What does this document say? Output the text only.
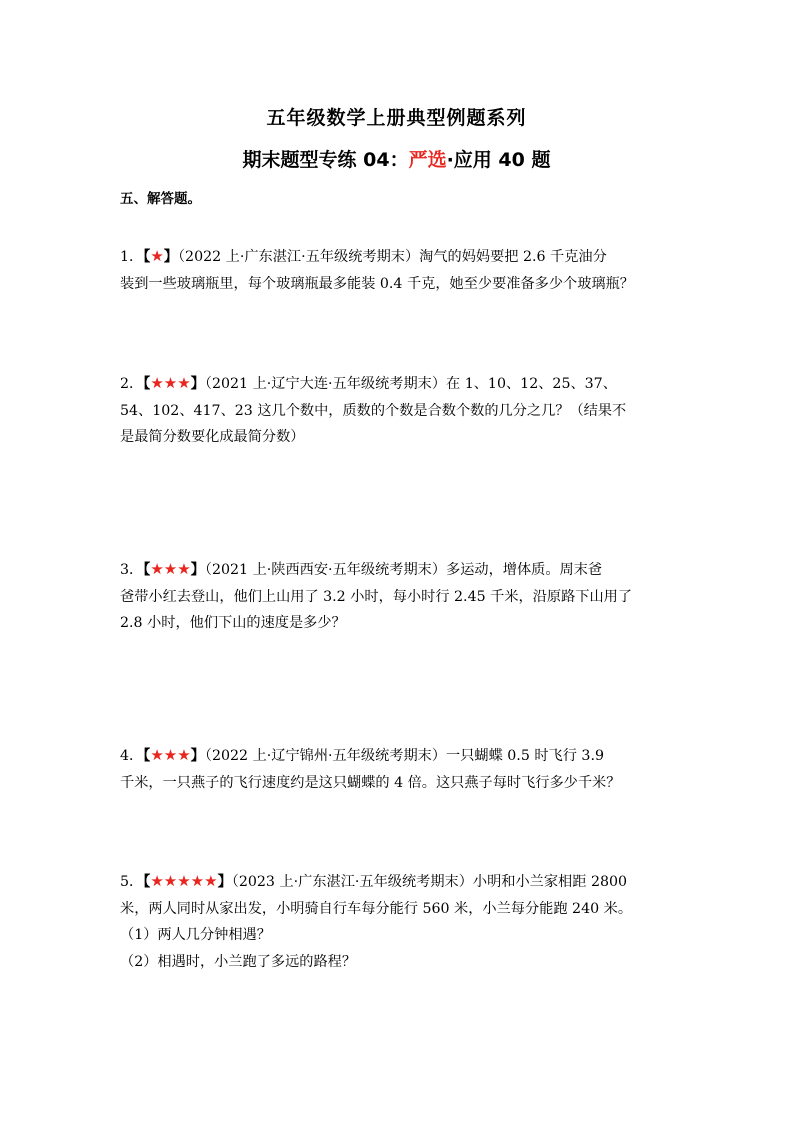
五年级数学上册典型例题系列
期末题型专练 04：严选·应用 40 题
五、解答题。
1．【★】（2022 上·广东湛江·五年级统考期末）淘气的妈妈要把 2.6 千克油分
装到一些玻璃瓶里，每个玻璃瓶最多能装 0.4 千克，她至少要准备多少个玻璃瓶？
2．【★★★】（2021 上·辽宁大连·五年级统考期末）在 1、10、12、25、37、
54、102、417、23 这几个数中，质数的个数是合数个数的几分之几？（结果不
是最简分数要化成最简分数）
3．【★★★】（2021 上·陕西西安·五年级统考期末）多运动，增体质。周末爸
爸带小红去登山，他们上山用了 3.2 小时，每小时行 2.45 千米，沿原路下山用了
2.8 小时，他们下山的速度是多少？
4．【★★★】（2022 上·辽宁锦州·五年级统考期末）一只蝴蝶 0.5 时飞行 3.9
千米，一只燕子的飞行速度约是这只蝴蝶的 4 倍。这只燕子每时飞行多少千米？
5．【★★★★★】（2023 上·广东湛江·五年级统考期末）小明和小兰家相距 2800
米，两人同时从家出发，小明骑自行车每分能行 560 米，小兰每分能跑 240 米。
（1）两人几分钟相遇？
（2）相遇时，小兰跑了多远的路程？
